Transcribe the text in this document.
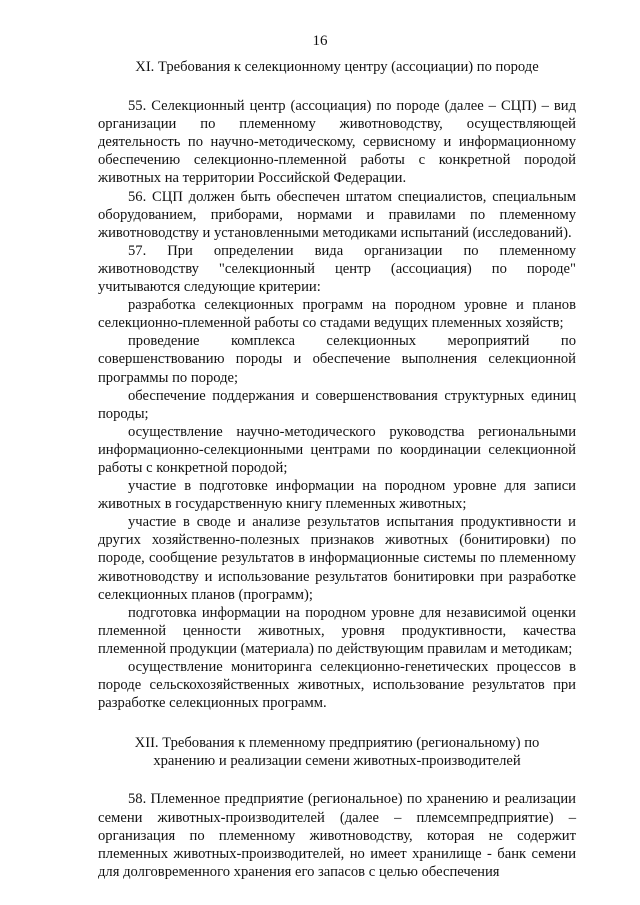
16
XI. Требования к селекционному центру (ассоциации) по породе

55. Селекционный центр (ассоциация) по породе (далее – СЦП) – вид организации по племенному животноводству, осуществляющей деятельность по научно-методическому, сервисному и информационному обеспечению селекционно-племенной работы с конкретной породой животных на территории Российской Федерации.

56. СЦП должен быть обеспечен штатом специалистов, специальным оборудованием, приборами, нормами и правилами по племенному животноводству и установленными методиками испытаний (исследований).

57. При определении вида организации по племенному животноводству "селекционный центр (ассоциация) по породе" учитываются следующие критерии:

разработка селекционных программ на породном уровне и планов селекционно-племенной работы со стадами ведущих племенных хозяйств;

проведение комплекса селекционных мероприятий по совершенствованию породы и обеспечение выполнения селекционной программы по породе;

обеспечение поддержания и совершенствования структурных единиц породы;

осуществление научно-методического руководства региональными информационно-селекционными центрами по координации селекционной работы с конкретной породой;

участие в подготовке информации на породном уровне для записи животных в государственную книгу племенных животных;

участие в своде и анализе результатов испытания продуктивности и других хозяйственно-полезных признаков животных (бонитировки) по породе, сообщение результатов в информационные системы по племенному животноводству и использование результатов бонитировки при разработке селекционных планов (программ);

подготовка информации на породном уровне для независимой оценки племенной ценности животных, уровня продуктивности, качества племенной продукции (материала) по действующим правилам и методикам;

осуществление мониторинга селекционно-генетических процессов в породе сельскохозяйственных животных, использование результатов при разработке селекционных программ.

XII. Требования к племенному предприятию (региональному) по
хранению и реализации семени животных-производителей

58. Племенное предприятие (региональное) по хранению и реализации семени животных-производителей (далее – племсемпредприятие) – организация по племенному животноводству, которая не содержит племенных животных-производителей, но имеет хранилище - банк семени для долговременного хранения его запасов с целью обеспечения
